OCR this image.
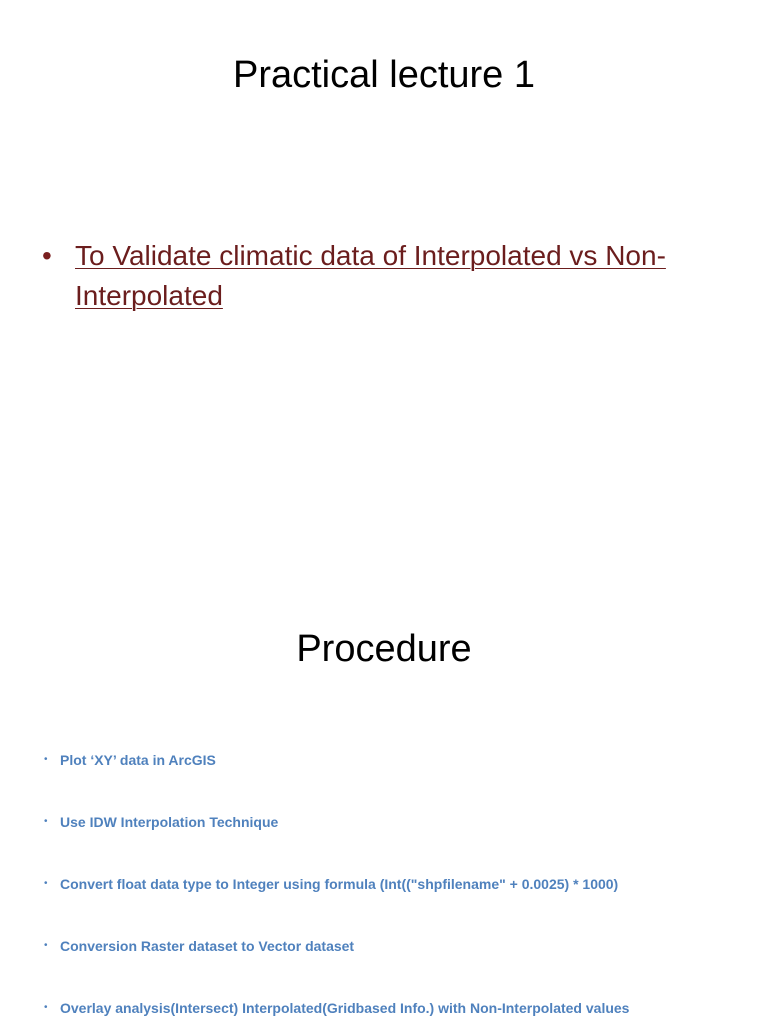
Practical lecture 1
• To Validate climatic data of Interpolated vs Non-Interpolated
Procedure
• Plot ‘XY’ data in ArcGIS
• Use IDW Interpolation Technique
• Convert float data type to Integer using formula (Int(("shpfilename" + 0.0025) * 1000)
• Conversion Raster dataset to Vector dataset
• Overlay analysis(Intersect) Interpolated(Gridbased Info.) with Non-Interpolated values
